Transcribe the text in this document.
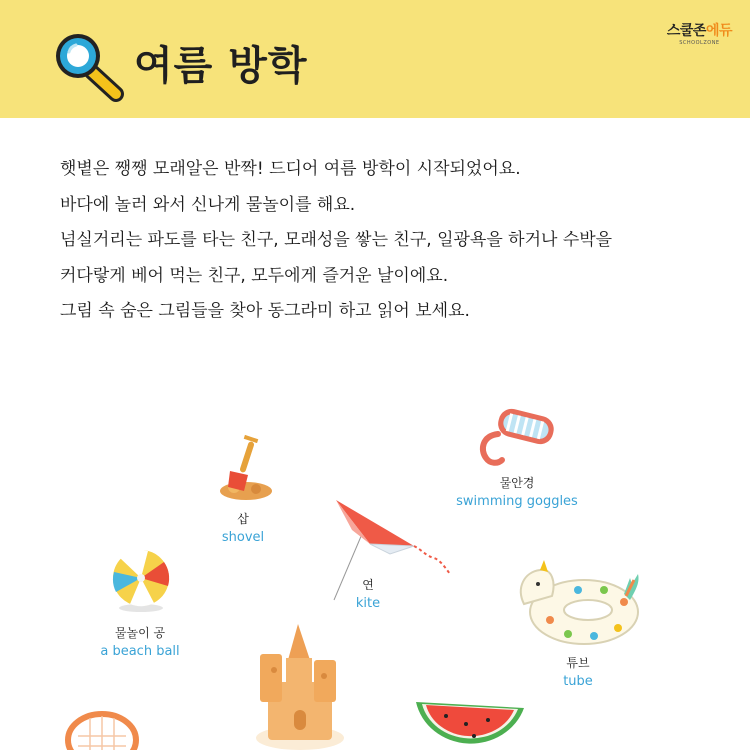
여름 방학
스쿨존에듀
SCHOOLZONE

햇볕은 쨍쨍 모래알은 반짝! 드디어 여름 방학이 시작되었어요.

바다에 놀러 와서 신나게 물놀이를 해요.

넘실거리는 파도를 타는 친구, 모래성을 쌓는 친구, 일광욕을 하거나 수박을

커다랗게 베어 먹는 친구, 모두에게 즐거운 날이에요.

그림 속 숨은 그림들을 찾아 동그라미 하고 읽어 보세요.

삽
shovel
물안경
swimming goggles
연
kite
물놀이 공
a beach ball
튜브
tube
